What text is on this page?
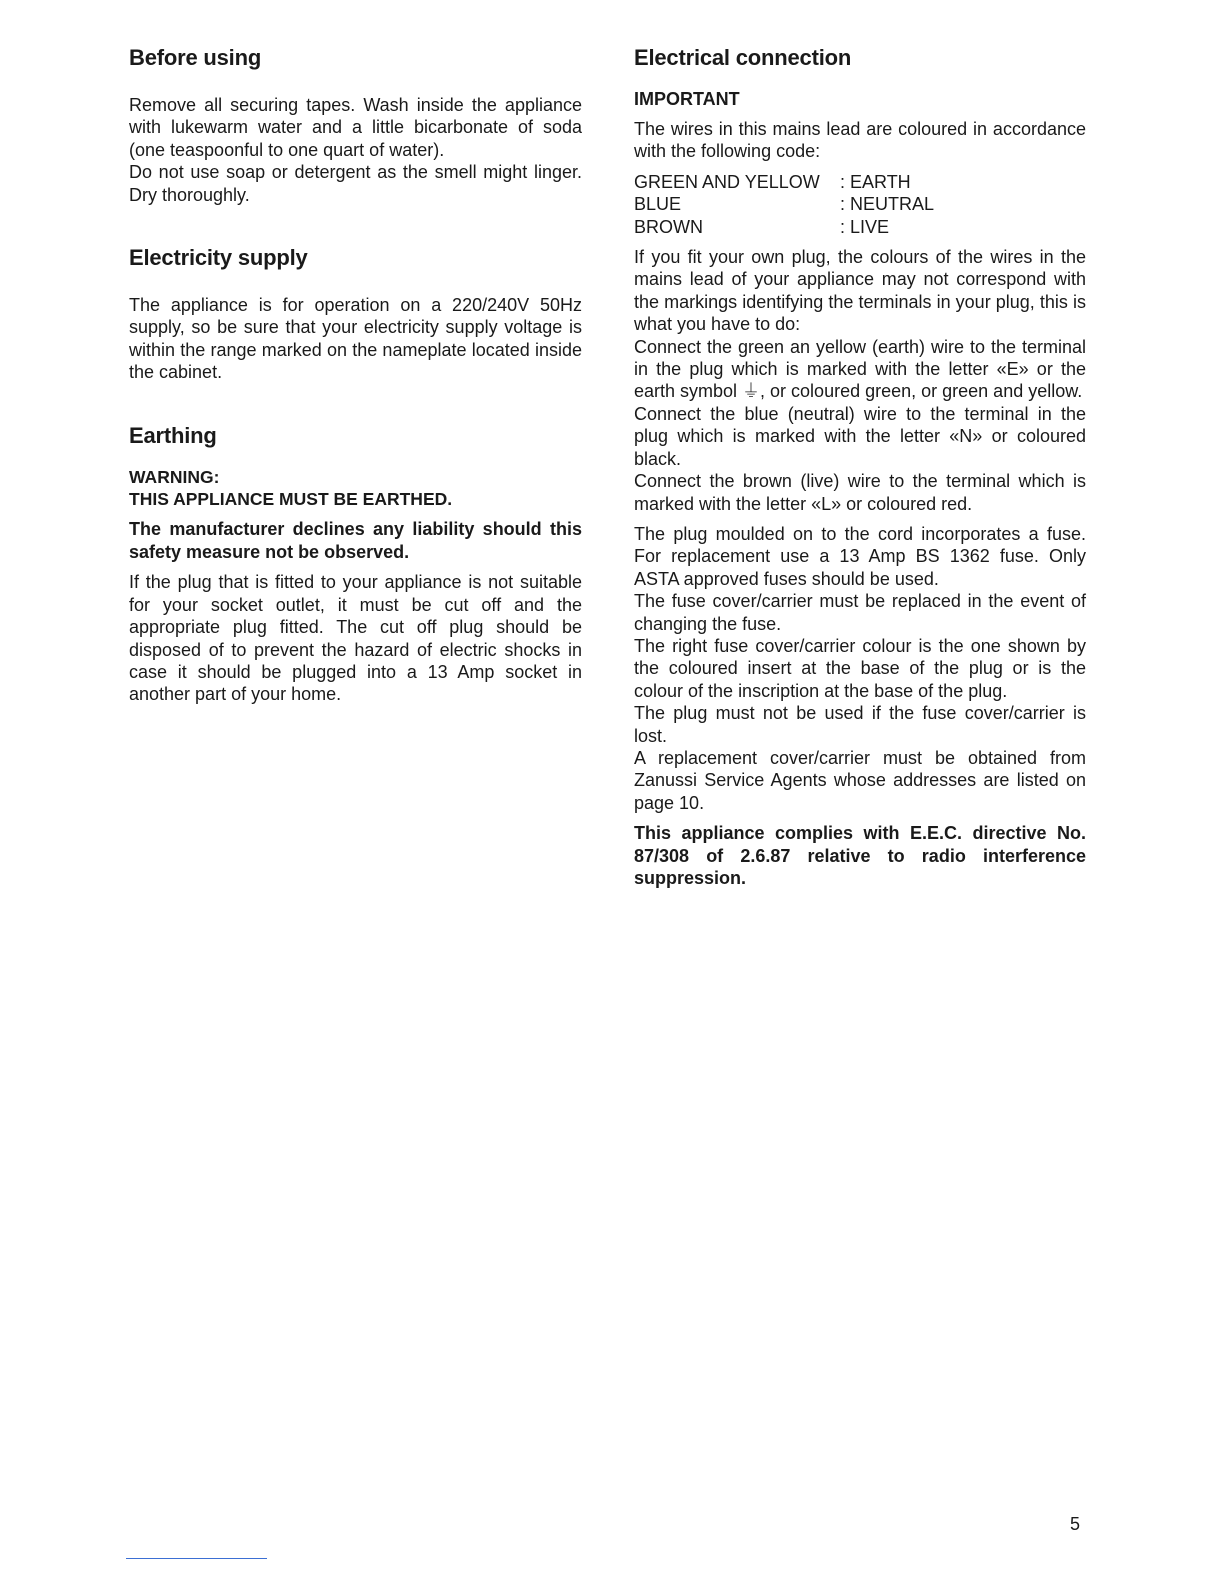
Before using

Remove all securing tapes. Wash inside the appliance with lukewarm water and a little bicarbonate of soda (one teaspoonful to one quart of water).

Do not use soap or detergent as the smell might linger. Dry thoroughly.

Electricity supply

The appliance is for operation on a 220/240V 50Hz supply, so be sure that your electricity supply voltage is within the range marked on the nameplate located inside the cabinet.

Earthing

WARNING:

THIS APPLIANCE MUST BE EARTHED.

The manufacturer declines any liability should this safety measure not be observed.

If the plug that is fitted to your appliance is not suitable for your socket outlet, it must be cut off and the appropriate plug fitted. The cut off plug should be disposed of to prevent the hazard of electric shocks in case it should be plugged into a 13 Amp socket in another part of your home.

Electrical connection

IMPORTANT

The wires in this mains lead are coloured in accordance with the following code:

GREEN AND YELLOW	: EARTH
BLUE	: NEUTRAL
BROWN	: LIVE

If you fit your own plug, the colours of the wires in the mains lead of your appliance may not correspond with the markings identifying the terminals in your plug, this is what you have to do:

Connect the green an yellow (earth) wire to the terminal in the plug which is marked with the letter «E» or the earth symbol ⏚, or coloured green, or green and yellow.

Connect the blue (neutral) wire to the terminal in the plug which is marked with the letter «N» or coloured black.

Connect the brown (live) wire to the terminal which is marked with the letter «L» or coloured red.

The plug moulded on to the cord incorporates a fuse. For replacement use a 13 Amp BS 1362 fuse. Only ASTA approved fuses should be used.

The fuse cover/carrier must be replaced in the event of changing the fuse.

The right fuse cover/carrier colour is the one shown by the coloured insert at the base of the plug or is the colour of the inscription at the base of the plug.

The plug must not be used if the fuse cover/carrier is lost.

A replacement cover/carrier must be obtained from Zanussi Service Agents whose addresses are listed on page 10.

This appliance complies with E.E.C. directive No. 87/308 of 2.6.87 relative to radio interference suppression.

5
